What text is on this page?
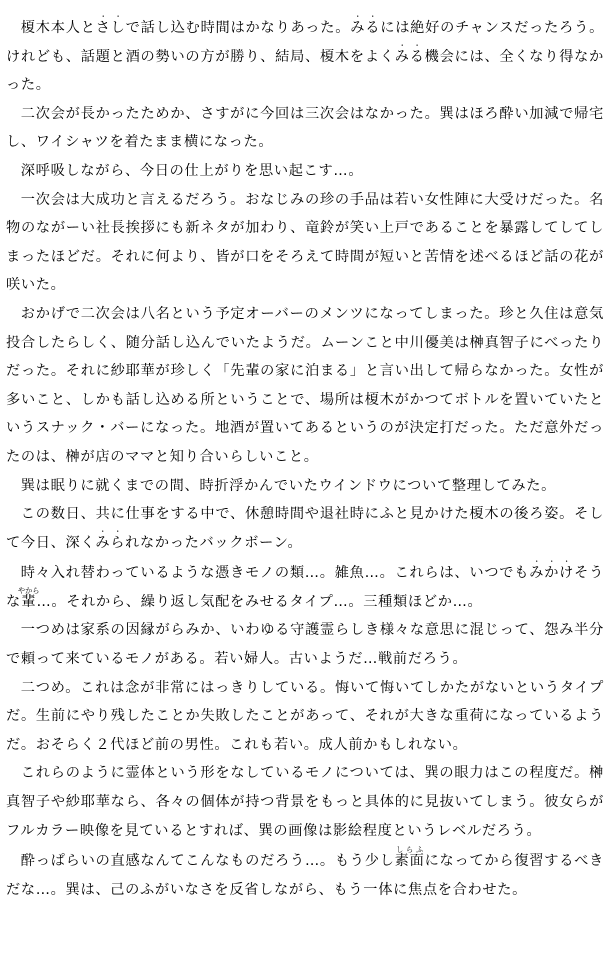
榎木本人とさし・・で話し込む時間はかなりあった。みる・・には絶好のチャンスだったろう。けれども、話題と酒の勢いの方が勝り、結局、榎木をよくみる・・機会には、全くなり得なかった。

二次会が長かったためか、さすがに今回は三次会はなかった。巽はほろ酔い加減で帰宅し、ワイシャツを着たまま横になった。

深呼吸しながら、今日の仕上がりを思い起こす…。

一次会は大成功と言えるだろう。おなじみの珍の手品は若い女性陣に大受けだった。名物のながーい社長挨拶にも新ネタが加わり、竜鈴が笑い上戸であることを暴露してしてしまったほどだ。それに何より、皆が口をそろえて時間が短いと苦情を述べるほど話の花が咲いた。

おかげで二次会は八名という予定オーバーのメンツになってしまった。珍と久住は意気投合したらしく、随分話し込んでいたようだ。ムーンこと中川優美は榊真智子にべったりだった。それに紗耶華が珍しく「先輩の家に泊まる」と言い出して帰らなかった。女性が多いこと、しかも話し込める所ということで、場所は榎木がかつてボトルを置いていたというスナック・バーになった。地酒が置いてあるというのが決定打だった。ただ意外だったのは、榊が店のママと知り合いらしいこと。

巽は眠りに就くまでの間、時折浮かんでいたウインドウについて整理してみた。

この数日、共に仕事をする中で、休憩時間や退社時にふと見かけた榎木の後ろ姿。そして今日、深くみら・・れなかったバックボーン。

時々入れ替わっているような憑きモノの類…。雑魚…。これらは、いつでもみかけ・・・そうな輩やから…。それから、繰り返し気配をみせるタイプ…。三種類ほどか…。

一つめは家系の因縁がらみか、いわゆる守護霊らしき様々な意思に混じって、怨み半分で頼って来ているモノがある。若い婦人。古いようだ…戦前だろう。

二つめ。これは念が非常にはっきりしている。悔いて悔いてしかたがないというタイプだ。生前にやり残したことか失敗したことがあって、それが大きな重荷になっているようだ。おそらく２代ほど前の男性。これも若い。成人前かもしれない。

これらのように霊体という形をなしているモノについては、巽の眼力はこの程度だ。榊真智子や紗耶華なら、各々の個体が持つ背景をもっと具体的に見抜いてしまう。彼女らがフルカラー映像を見ているとすれば、巽の画像は影絵程度というレベルだろう。

酔っぱらいの直感なんてこんなものだろう…。もう少し素面しらふになってから復習するべきだな…。巽は、己のふがいなさを反省しながら、もう一体に焦点を合わせた。
